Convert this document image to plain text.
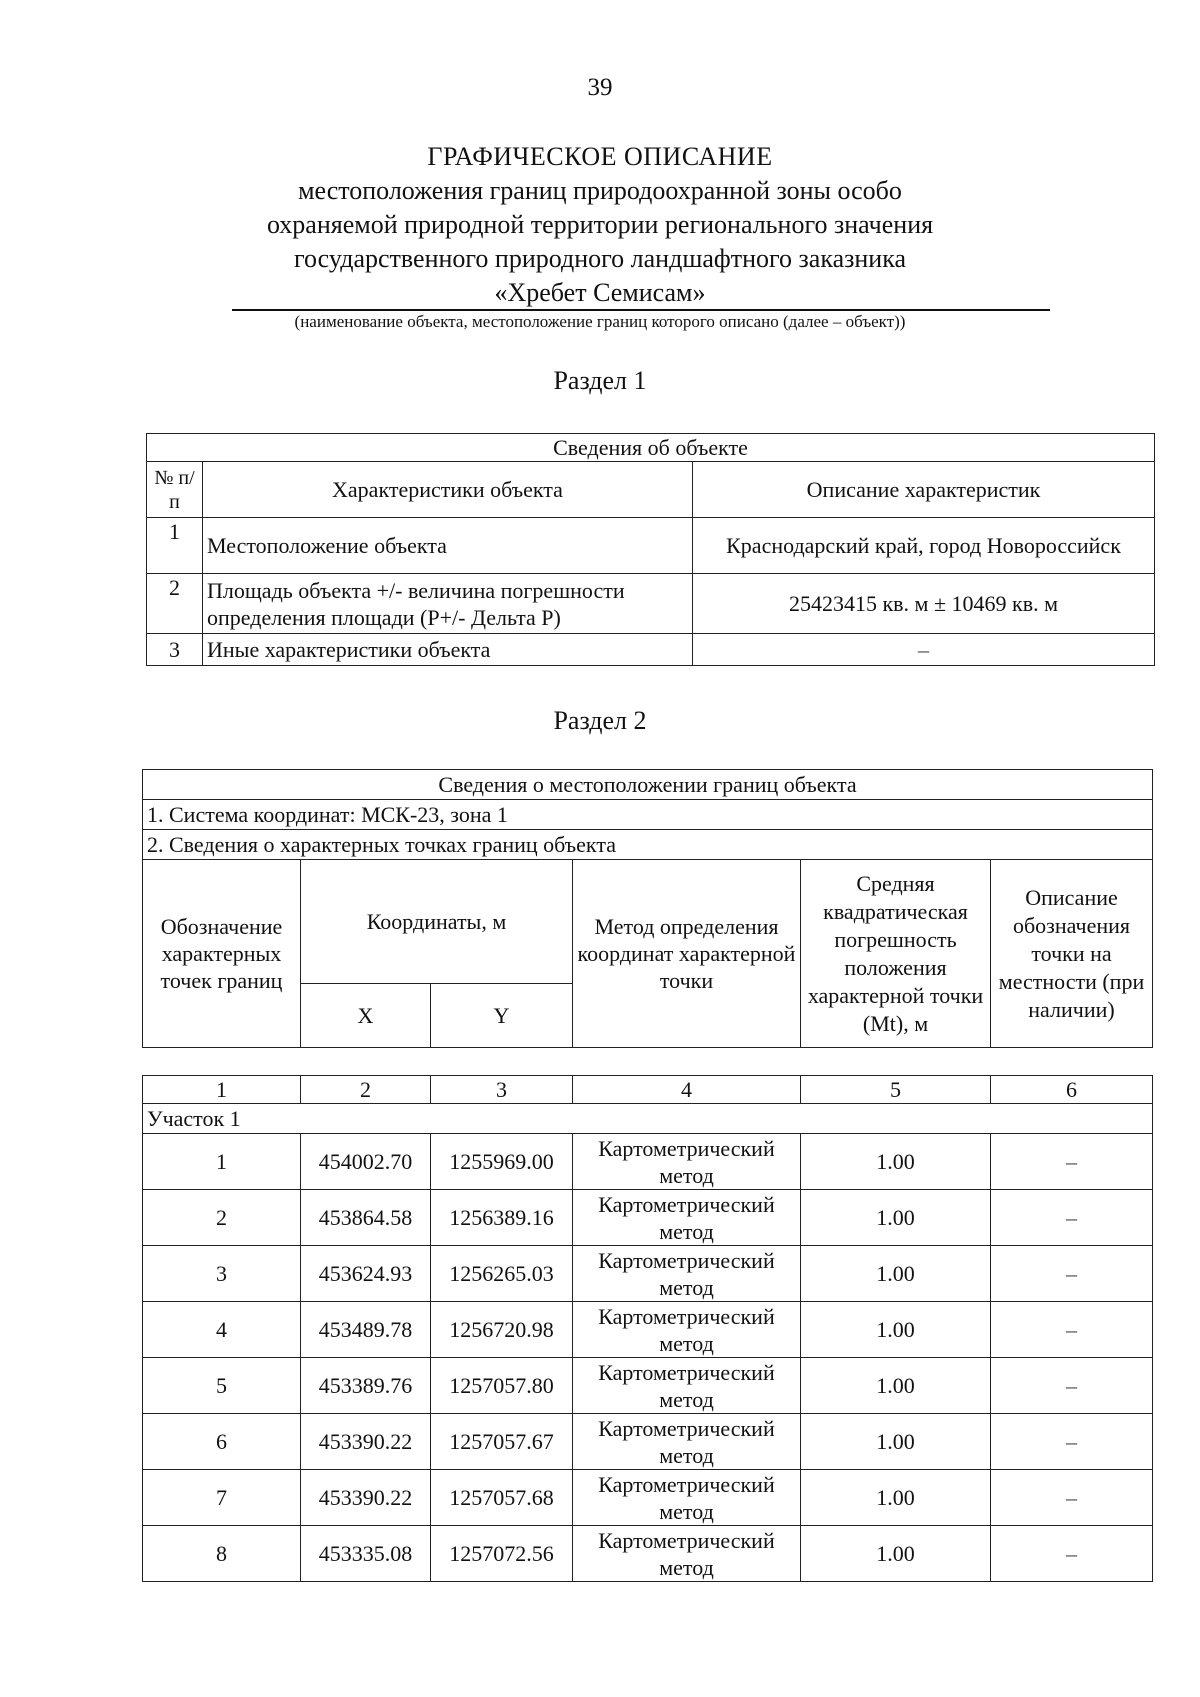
39
ГРАФИЧЕСКОЕ ОПИСАНИЕ
местоположения границ природоохранной зоны особо
охраняемой природной территории регионального значения
государственного природного ландшафтного заказника
«Хребет Семисам»
(наименование объекта, местоположение границ которого описано (далее – объект))
Раздел 1
Сведения об объекте		
№ п/п	Характеристики объекта	Описание характеристик
1	Местоположение объекта	Краснодарский край, город Новороссийск
2	Площадь объекта +/- величина погрешности определения площади (Р+/- Дельта Р)	25423415 кв. м ± 10469 кв. м
3	Иные характеристики объекта	–
Раздел 2
Сведения о местоположении границ объекта					
1. Система координат: МСК-23, зона 1					
2. Сведения о характерных точках границ объекта					
Обозначение характерных точек границ	Координаты, м		Метод определения координат характерной точки	Средняя квадратическая погрешность положения характерной точки (Mt), м	Описание обозначения точки на местности (при наличии)
	X	Y			
1	2	3	4	5	6
Участок 1					
1	454002.70	1255969.00	Картометрический метод	1.00	–
2	453864.58	1256389.16	Картометрический метод	1.00	–
3	453624.93	1256265.03	Картометрический метод	1.00	–
4	453489.78	1256720.98	Картометрический метод	1.00	–
5	453389.76	1257057.80	Картометрический метод	1.00	–
6	453390.22	1257057.67	Картометрический метод	1.00	–
7	453390.22	1257057.68	Картометрический метод	1.00	–
8	453335.08	1257072.56	Картометрический метод	1.00	–
